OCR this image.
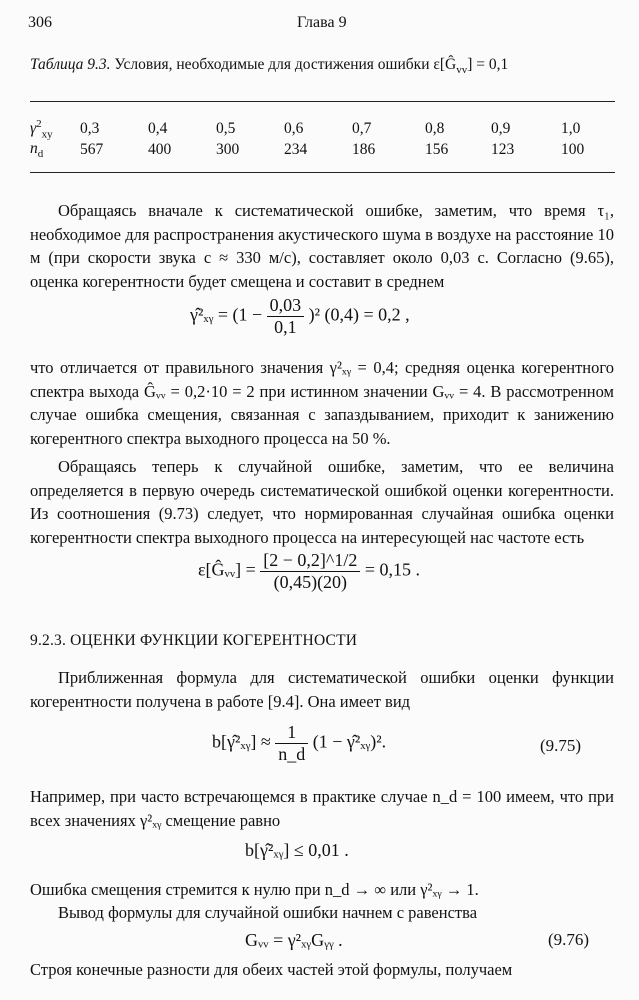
306	Глава 9
Таблица 9.3. Условия, необходимые для достижения ошибки $\varepsilon[Ĝ_{vv}] = 0,1$
$\gamma^2_{xy}$	0,3	0,4	0,5	0,6	0,7	0,8	0,9	1,0
$n_d$	567	400	300	234	186	156	123	100
Обращаясь вначале к систематической ошибке, заметим, что время τ₁, необходимое для распространения акустического шума в воздухе на расстояние 10 м (при скорости звука c ≈ 330 м/с), составляет около 0,03 с. Согласно (9.65), оценка когерентности будет смещена и составит в среднем
γ̂²ₓᵧ = $(1 - \frac{0,03}{0,1} )^2$ (0,4) = 0,2 ,
что отличается от правильного значения γ²ₓᵧ = 0,4; средняя оценка когерентного спектра выхода Ĝᵥᵥ = 0,2·10 = 2 при истинном значении Gᵥᵥ = 4. В рассмотренном случае ошибка смещения, связанная с запаздыванием, приходит к занижению когерентного спектра выходного процесса на 50 %.
Обращаясь теперь к случайной ошибке, заметим, что ее величина определяется в первую очередь систематической ошибкой оценки когерентности. Из соотношения (9.73) следует, что нормированная случайная ошибка оценки когерентности спектра выходного процесса на интересующей нас частоте есть
ε[Ĝᵥᵥ] = $\frac{[2 - 0,2]\^{}1/2}{(0,45)(20)} = 0,15$ .
9.2.3. ОЦЕНКИ ФУНКЦИИ КОГЕРЕНТНОСТИ
Приближенная формула для систематической ошибки оценки функции когерентности получена в работе [9.4]. Она имеет вид
b[γ̂²ₓᵧ] ≈ $\frac{1}{n\_d} (1$ − γ̂²ₓᵧ)².	(9.75)
Например, при часто встречающемся в практике случае n_d = 100 имеем, что при всех значениях γ²ₓᵧ смещение равно
b[γ̂²ₓᵧ] ≤ 0,01 .
Ошибка смещения стремится к нулю при n_d → ∞ или γ²ₓᵧ → 1.
Вывод формулы для случайной ошибки начнем с равенства
Gᵥᵥ = γ²ₓᵧGᵧᵧ .	(9.76)
Строя конечные разности для обеих частей этой формулы, получаем
